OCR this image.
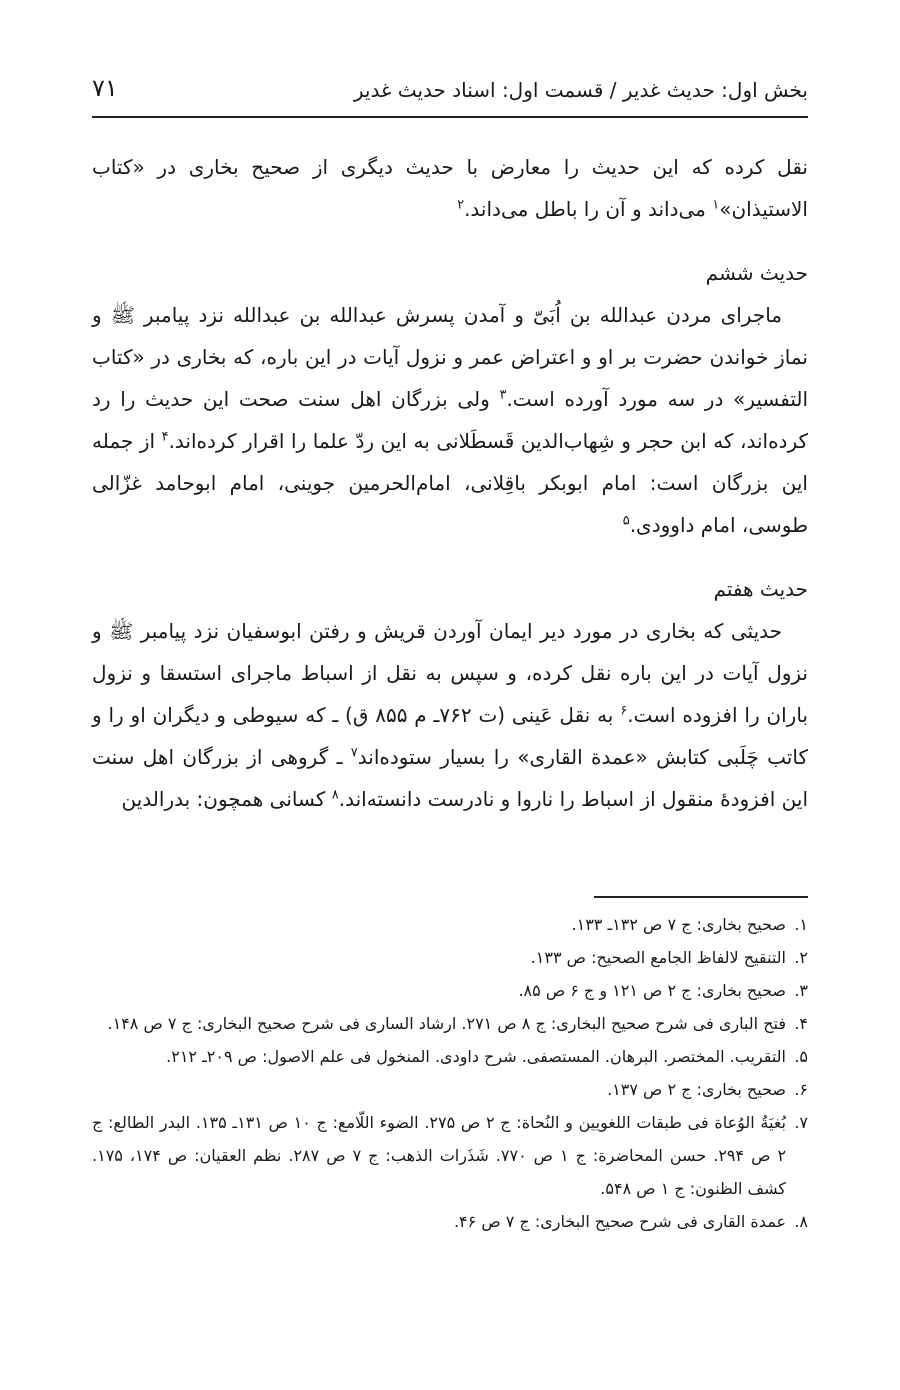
بخش اول: حدیث غدیر / قسمت اول: اسناد حدیث غدیر
۷۱

نقل کرده که این حدیث را معارض با حدیث دیگری از صحیح بخاری در «کتاب الاستیذان»$^۱$ می‌داند و آن را باطل می‌داند.$^۲$

حدیث ششم

ماجرای مردن عبدالله بن اُبَیّ و آمدن پسرش عبدالله بن عبدالله نزد پیامبر ﷺ و نماز خواندن حضرت بر او و اعتراض عمر و نزول آیات در این باره، که بخاری در «کتاب التفسیر» در سه مورد آورده است.$^۳$ ولی بزرگان اهل سنت صحت این حدیث را رد کرده‌اند، که ابن حجر و شِهاب‌الدین قَسطَلانی به این ردّ علما را اقرار کرده‌اند.$^۴$ از جمله این بزرگان است: امام ابوبکر باقِلانی، امام‌الحرمین جوینی، امام ابوحامد غزّالی طوسی، امام داوودی.$^۵$

حدیث هفتم

حدیثی که بخاری در مورد دیر ایمان آوردن قریش و رفتن ابوسفیان نزد پیامبر ﷺ و نزول آیات در این باره نقل کرده، و سپس به نقل از اسباط ماجرای استسقا و نزول باران را افزوده است.$^۶$ به نقل عَینی (ت ۷۶۲ـ م ۸۵۵ ق) ـ که سیوطی و دیگران او را و کاتب چَلَبی کتابش «عمدة القاری» را بسیار ستوده‌اند$^۷$ ـ گروهی از بزرگان اهل سنت این افزودهٔ منقول از اسباط را ناروا و نادرست دانسته‌اند.$^۸$ کسانی همچون: بدرالدین

۱.صحیح بخاری: ج ۷ ص ۱۳۲ـ ۱۳۳.

۲.التنقیح لالفاظ الجامع الصحیح: ص ۱۳۳.

۳.صحیح بخاری: ج ۲ ص ۱۲۱ و ج ۶ ص ۸۵.

۴.فتح الباری فی شرح صحیح البخاری: ج ۸ ص ۲۷۱. ارشاد الساری فی شرح صحیح البخاری: ج ۷ ص ۱۴۸.

۵.التقریب. المختصر. البرهان. المستصفی. شرح داودی. المنخول فی علم الاصول: ص ۲۰۹ـ ۲۱۲.

۶.صحیح بخاری: ج ۲ ص ۱۳۷.

۷.بُغیَةُ الوُعاة فی طبقات اللغویین و النُحاة: ج ۲ ص ۲۷۵. الضوء اللّامع: ج ۱۰ ص ۱۳۱ـ ۱۳۵. البدر الطالع: ج ۲ ص ۲۹۴. حسن المحاضرة: ج ۱ ص ۷۷۰. شَذَرات الذهب: ج ۷ ص ۲۸۷. نظم العقیان: ص ۱۷۴، ۱۷۵. کشف الظنون: ج ۱ ص ۵۴۸.

۸.عمدة القاری فی شرح صحیح البخاری: ج ۷ ص ۴۶.
